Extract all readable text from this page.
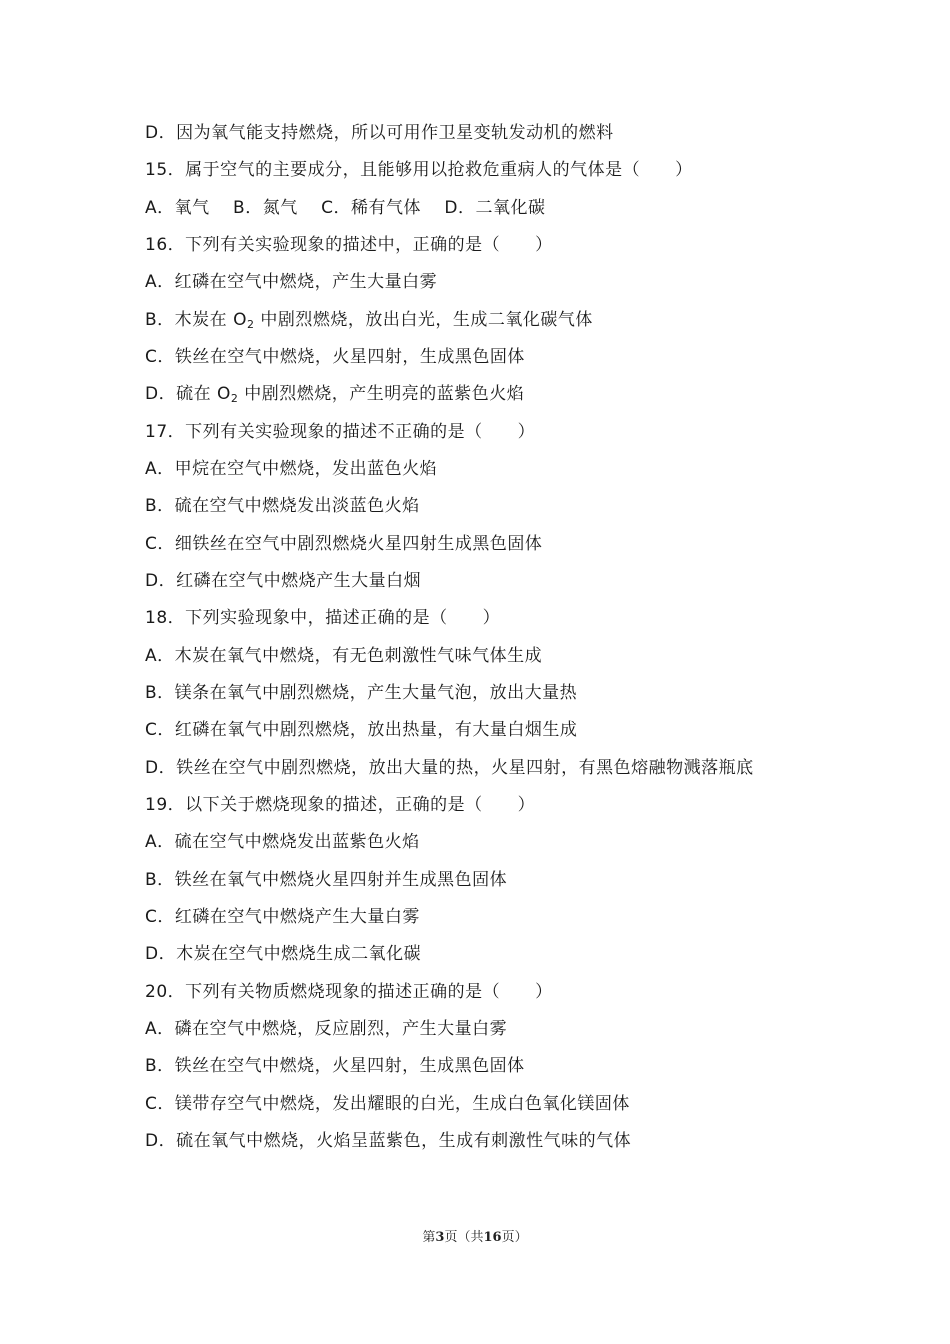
D．因为氧气能支持燃烧，所以可用作卫星变轨发动机的燃料
15．属于空气的主要成分，且能够用以抢救危重病人的气体是（　　）
A．氧气　 B．氮气　 C．稀有气体　 D．二氧化碳
16．下列有关实验现象的描述中，正确的是（　　）
A．红磷在空气中燃烧，产生大量白雾
B．木炭在 $O_2$ 中剧烈燃烧，放出白光，生成二氧化碳气体
C．铁丝在空气中燃烧，火星四射，生成黑色固体
D．硫在 $O_2$ 中剧烈燃烧，产生明亮的蓝紫色火焰
17．下列有关实验现象的描述不正确的是（　　）
A．甲烷在空气中燃烧，发出蓝色火焰
B．硫在空气中燃烧发出淡蓝色火焰
C．细铁丝在空气中剧烈燃烧火星四射生成黑色固体
D．红磷在空气中燃烧产生大量白烟
18．下列实验现象中，描述正确的是（　　）
A．木炭在氧气中燃烧，有无色刺激性气味气体生成
B．镁条在氧气中剧烈燃烧，产生大量气泡，放出大量热
C．红磷在氧气中剧烈燃烧，放出热量，有大量白烟生成
D．铁丝在空气中剧烈燃烧，放出大量的热，火星四射，有黑色熔融物溅落瓶底
19．以下关于燃烧现象的描述，正确的是（　　）
A．硫在空气中燃烧发出蓝紫色火焰
B．铁丝在氧气中燃烧火星四射并生成黑色固体
C．红磷在空气中燃烧产生大量白雾
D．木炭在空气中燃烧生成二氧化碳
20．下列有关物质燃烧现象的描述正确的是（　　）
A．磷在空气中燃烧，反应剧烈，产生大量白雾
B．铁丝在空气中燃烧，火星四射，生成黑色固体
C．镁带存空气中燃烧，发出耀眼的白光，生成白色氧化镁固体
D．硫在氧气中燃烧，火焰呈蓝紫色，生成有刺激性气味的气体
第3页（共16页）
